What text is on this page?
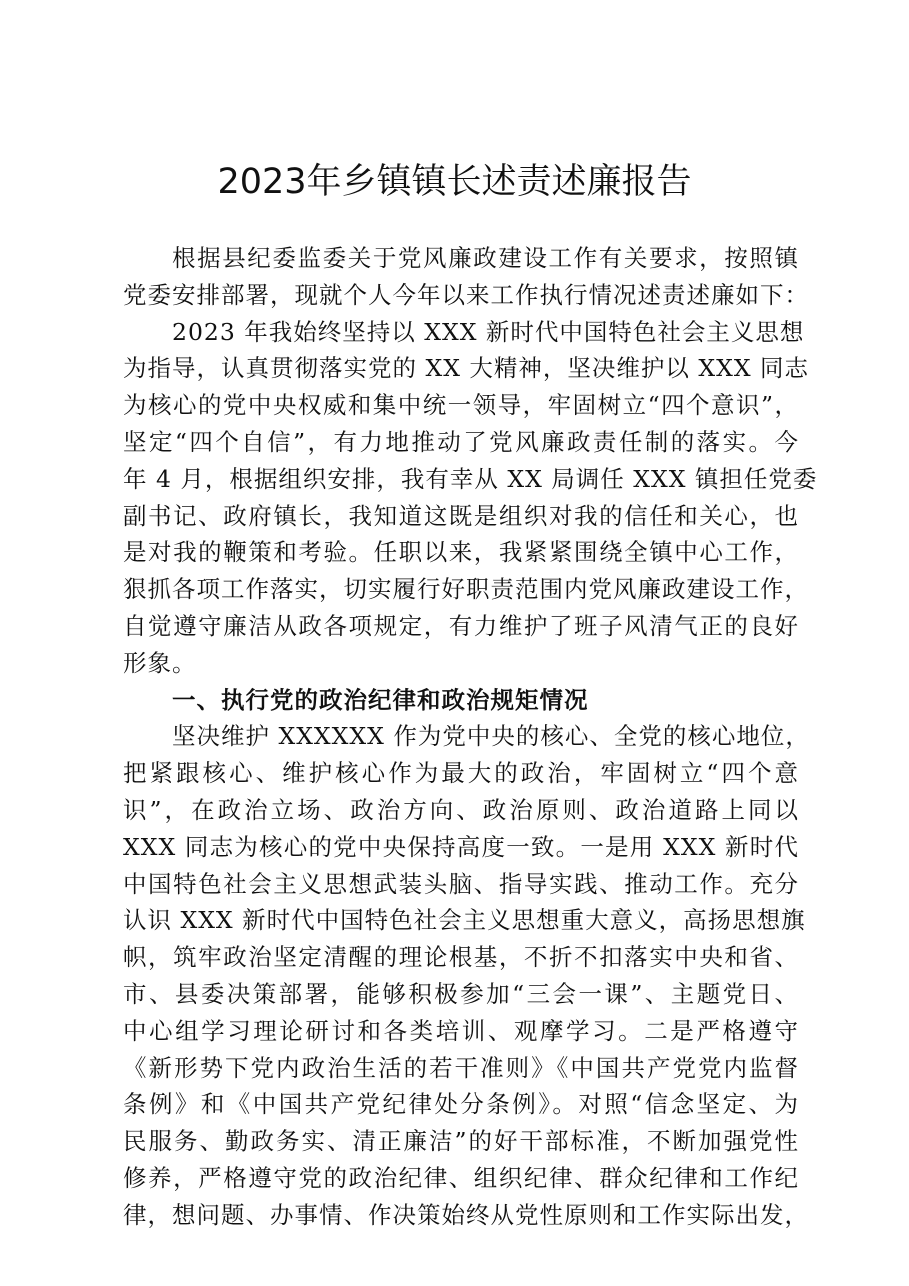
2023年乡镇镇长述责述廉报告
根据县纪委监委关于党风廉政建设工作有关要求，按照镇
党委安排部署，现就个人今年以来工作执行情况述责述廉如下：
2023 年我始终坚持以 XXX 新时代中国特色社会主义思想
为指导，认真贯彻落实党的 XX 大精神，坚决维护以 XXX 同志
为核心的党中央权威和集中统一领导，牢固树立“四个意识”，
坚定“四个自信”，有力地推动了党风廉政责任制的落实。今
年 4 月，根据组织安排，我有幸从 XX 局调任 XXX 镇担任党委
副书记、政府镇长，我知道这既是组织对我的信任和关心，也
是对我的鞭策和考验。任职以来，我紧紧围绕全镇中心工作，
狠抓各项工作落实，切实履行好职责范围内党风廉政建设工作，
自觉遵守廉洁从政各项规定，有力维护了班子风清气正的良好
形象。
一、执行党的政治纪律和政治规矩情况
坚决维护 XXXXXX 作为党中央的核心、全党的核心地位，
把紧跟核心、维护核心作为最大的政治，牢固树立“四个意
识”，在政治立场、政治方向、政治原则、政治道路上同以
XXX 同志为核心的党中央保持高度一致。一是用 XXX 新时代
中国特色社会主义思想武装头脑、指导实践、推动工作。充分
认识 XXX 新时代中国特色社会主义思想重大意义，高扬思想旗
帜，筑牢政治坚定清醒的理论根基，不折不扣落实中央和省、
市、县委决策部署，能够积极参加“三会一课”、主题党日、
中心组学习理论研讨和各类培训、观摩学习。二是严格遵守
《新形势下党内政治生活的若干准则》《中国共产党党内监督
条例》和《中国共产党纪律处分条例》。对照“信念坚定、为
民服务、勤政务实、清正廉洁”的好干部标准，不断加强党性
修养，严格遵守党的政治纪律、组织纪律、群众纪律和工作纪
律，想问题、办事情、作决策始终从党性原则和工作实际出发，
